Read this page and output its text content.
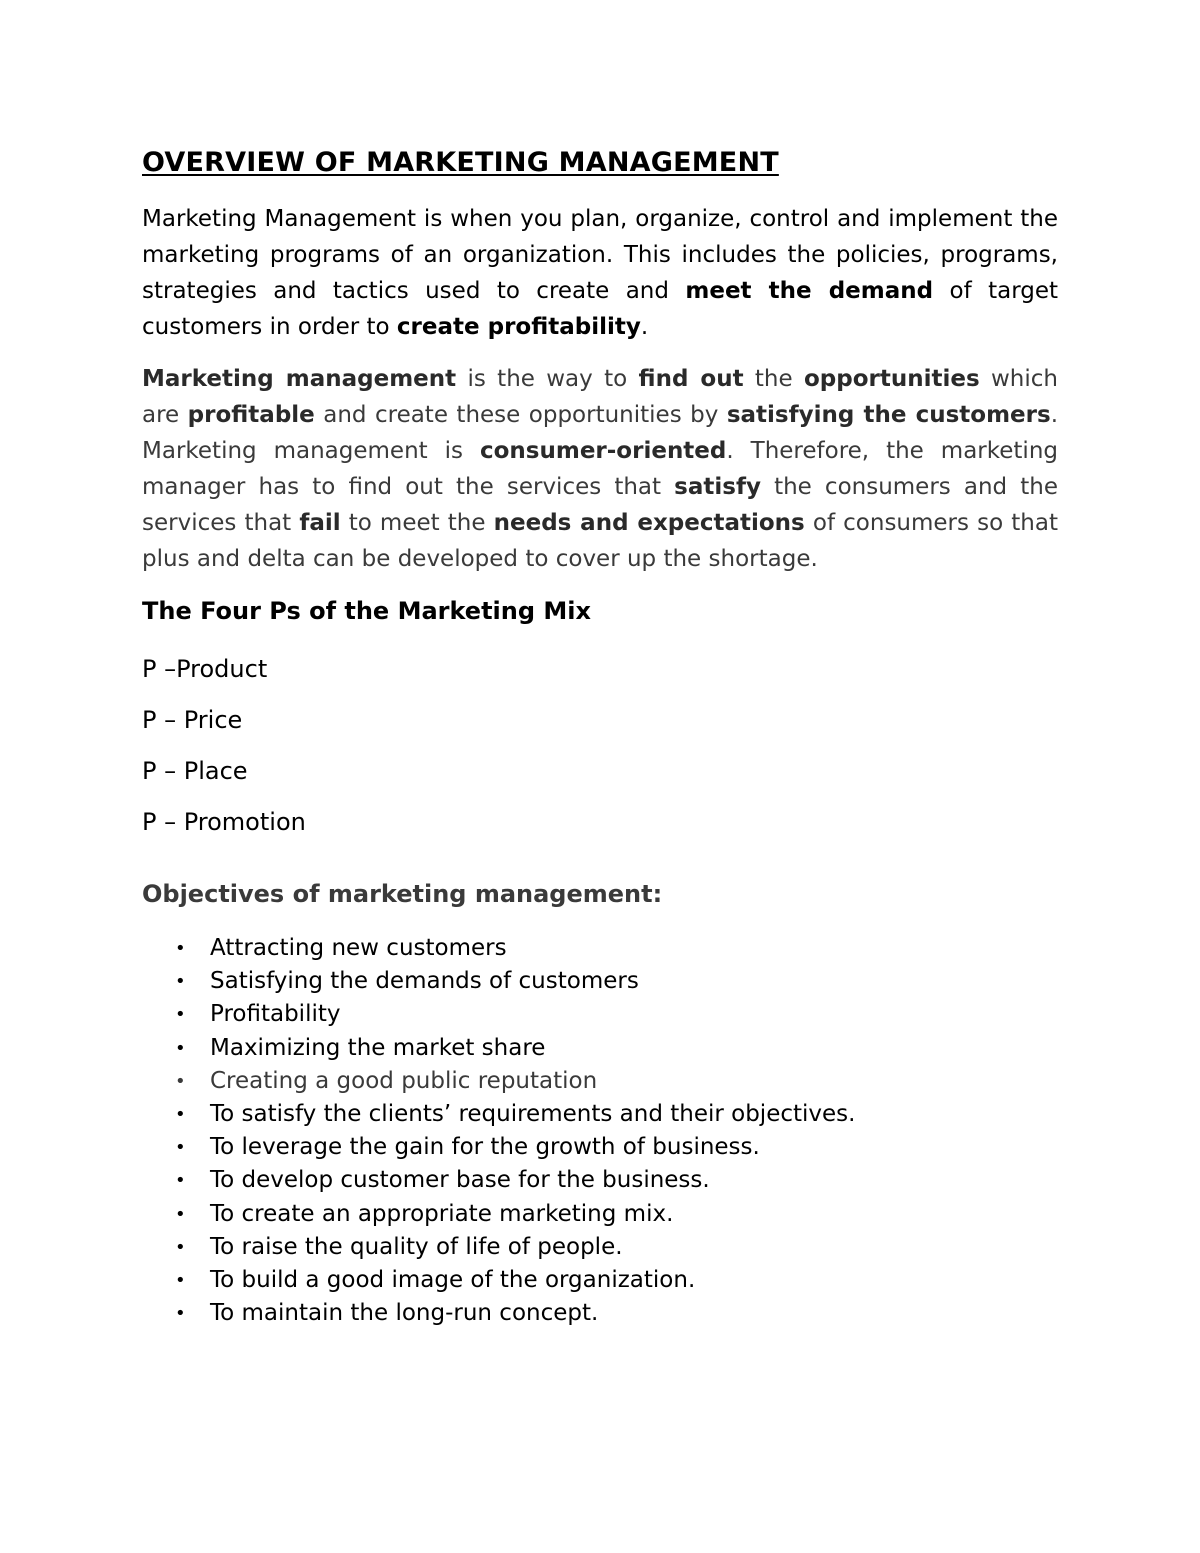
OVERVIEW OF MARKETING MANAGEMENT

Marketing Management is when you plan, organize, control and implement the marketing programs of an organization. This includes the policies, programs, strategies and tactics used to create and meet the demand of target customers in order to create profitability.

Marketing management is the way to find out the opportunities which are profitable and create these opportunities by satisfying the customers. Marketing management is consumer-oriented. Therefore, the marketing manager has to find out the services that satisfy the consumers and the services that fail to meet the needs and expectations of consumers so that plus and delta can be developed to cover up the shortage.

The Four Ps of the Marketing Mix

P –Product

P – Price

P – Place

P – Promotion

Objectives of marketing management:
• Attracting new customers
• Satisfying the demands of customers
• Profitability
• Maximizing the market share
• Creating a good public reputation
• To satisfy the clients’ requirements and their objectives.
• To leverage the gain for the growth of business.
• To develop customer base for the business.
• To create an appropriate marketing mix.
• To raise the quality of life of people.
• To build a good image of the organization.
• To maintain the long-run concept.
